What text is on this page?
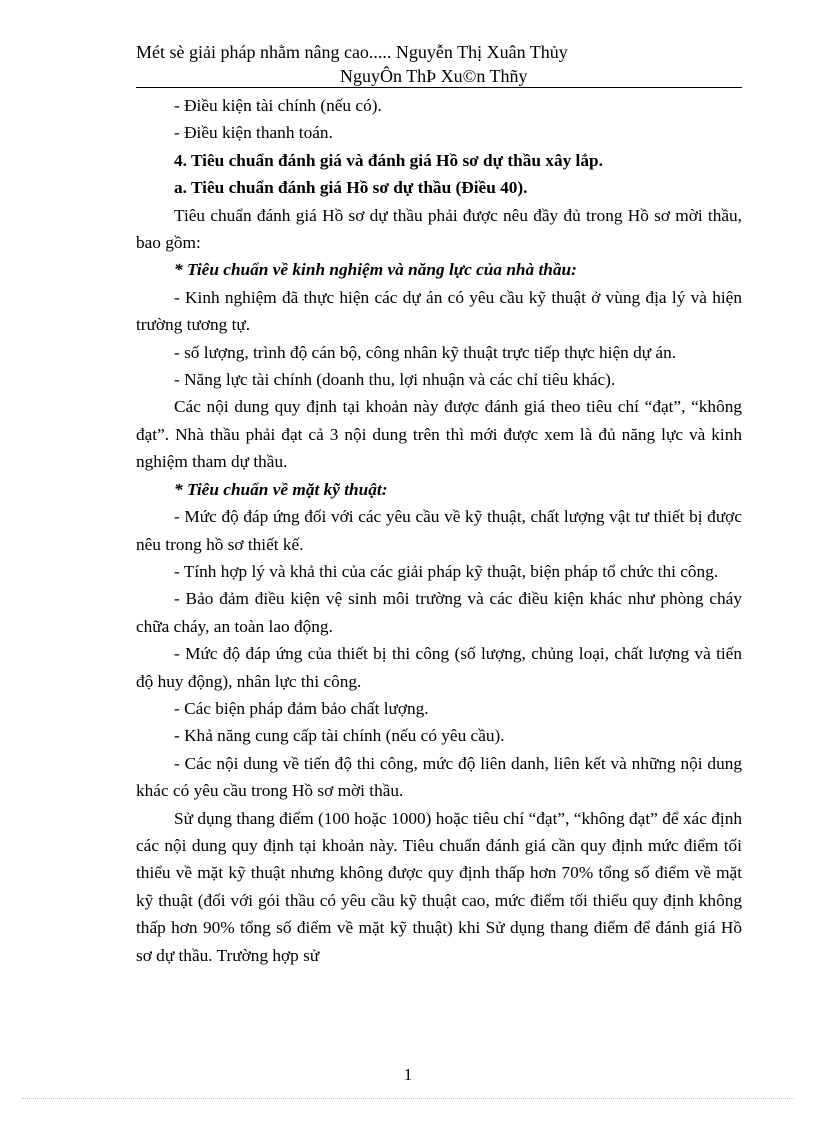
Mét sè giải pháp nhằm nâng cao..... Nguyễn Thị Xuân Thủy
NguyÔn ThÞ Xu©n Thñy

- Điều kiện tài chính (nếu có).

- Điều kiện thanh toán.

4. Tiêu chuẩn đánh giá và đánh giá Hồ sơ dự thầu xây lắp.

a. Tiêu chuẩn đánh giá Hồ sơ dự thầu (Điều 40).

Tiêu chuẩn đánh giá Hồ sơ dự thầu phải được nêu đầy đủ trong Hồ sơ mời thầu, bao gồm:

* Tiêu chuẩn về kinh nghiệm và năng lực của nhà thầu:

- Kinh nghiệm đã thực hiện các dự án có yêu cầu kỹ thuật ở vùng địa lý và hiện trường tương tự.

- số lượng, trình độ cán bộ, công nhân kỹ thuật trực tiếp thực hiện dự án.

- Năng lực tài chính (doanh thu, lợi nhuận và các chỉ tiêu khác).

Các nội dung quy định tại khoản này được đánh giá theo tiêu chí “đạt”, “không đạt”. Nhà thầu phải đạt cả 3 nội dung trên thì mới được xem là đủ năng lực và kinh nghiệm tham dự thầu.

* Tiêu chuẩn về mặt kỹ thuật:

- Mức độ đáp ứng đối với các yêu cầu về kỹ thuật, chất lượng vật tư thiết bị được nêu trong hồ sơ thiết kế.

- Tính hợp lý và khả thi của các giải pháp kỹ thuật, biện pháp tổ chức thi công.

- Bảo đảm điều kiện vệ sinh môi trường và các điều kiện khác như phòng cháy chữa cháy, an toàn lao động.

- Mức độ đáp ứng của thiết bị thi công (số lượng, chủng loại, chất lượng và tiến độ huy động), nhân lực thi công.

- Các biện pháp đảm bảo chất lượng.

- Khả năng cung cấp tài chính (nếu có yêu cầu).

- Các nội dung về tiến độ thi công, mức độ liên danh, liên kết và những nội dung khác có yêu cầu trong Hồ sơ mời thầu.

Sử dụng thang điểm (100 hoặc 1000) hoặc tiêu chí “đạt”, “không đạt” để xác định các nội dung quy định tại khoản này. Tiêu chuẩn đánh giá cần quy định mức điểm tối thiểu về mặt kỹ thuật nhưng không được quy định thấp hơn 70% tổng số điểm về mặt kỹ thuật (đối với gói thầu có yêu cầu kỹ thuật cao, mức điểm tối thiểu quy định không thấp hơn 90% tổng số điểm về mặt kỹ thuật) khi Sử dụng thang điểm để đánh giá Hồ sơ dự thầu. Trường hợp sử

1
